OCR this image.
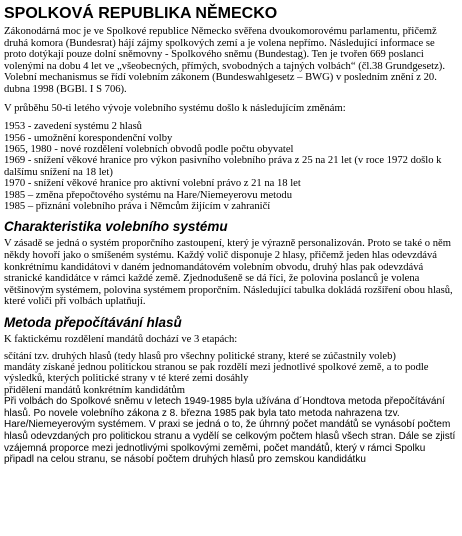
SPOLKOVÁ REPUBLIKA NĚMECKO

Zákonodárná moc je ve Spolkové republice Německo svěřena dvoukomorovému parlamentu, přičemž druhá komora (Bundesrat) hájí zájmy spolkových zemí a je volena nepřímo. Následující informace se proto dotýkají pouze dolní sněmovny - Spolkového sněmu (Bundestag). Ten je tvořen 669 poslanci volenými na dobu 4 let ve „všeobecných, přímých, svobodných a tajných volbách“ (čl.38 Grundgesetz). Volební mechanismus se řídí volebním zákonem (Bundeswahlgesetz – BWG) v posledním znění z 20. dubna 1998 (BGBl. I S 706).

V průběhu 50-ti letého vývoje volebního systému došlo k následujícím změnám:

1953 - zavedení systému 2 hlasů
1956 - umožnění korespondenční volby
1965, 1980 - nové rozdělení volebních obvodů podle počtu obyvatel
1969 - snížení věkové hranice pro výkon pasivního volebního práva z 25 na 21 let (v roce 1972 došlo k dalšímu snížení na 18 let)
1970 - snížení věkové hranice pro aktivní volební právo z 21 na 18 let
1985 – změna přepočtového systému na Hare/Niemeyerovu metodu
1985 – přiznání volebního práva i Němcům žijícím v zahraničí
Charakteristika volebního systému

V zásadě se jedná o systém proporčního zastoupení, který je výrazně personalizován. Proto se také o něm někdy hovoří jako o smíšeném systému. Každý volič disponuje 2 hlasy, přičemž jeden hlas odevzdává konkrétnímu kandidátovi v daném jednomandátovém volebním obvodu, druhý hlas pak odevzdává stranické kandidátce v rámci každé země. Zjednodušeně se dá říci, že polovina poslanců je volena většinovým systémem, polovina systémem proporčním. Následující tabulka dokládá rozšíření obou hlasů, které voliči při volbách uplatňují.

Metoda přepočítávání hlasů

K faktickému rozdělení mandátů dochází ve 3 etapách:

sčítání tzv. druhých hlasů (tedy hlasů pro všechny politické strany, které se zúčastnily voleb)
mandáty získané jednou politickou stranou se pak rozdělí mezi jednotlivé spolkové země, a to podle výsledků, kterých politické strany v té které zemi dosáhly
přidělení mandátů konkrétním kandidátům

Při volbách do Spolkové sněmu v letech 1949-1985 byla užívána d´Hondtova metoda přepočítávání hlasů. Po novele volebního zákona z 8. března 1985 pak byla tato metoda nahrazena tzv. Hare/Niemeyerovým systémem. V praxi se jedná o to, že úhrnný počet mandátů se vynásobí počtem hlasů odevzdaných pro politickou stranu a vydělí se celkovým počtem hlasů všech stran. Dále se zjistí vzájemná proporce mezi jednotlivými spolkovými zeměmi, počet mandátů, který v rámci Spolku připadl na celou stranu, se násobí počtem druhých hlasů pro zemskou kandidátku
